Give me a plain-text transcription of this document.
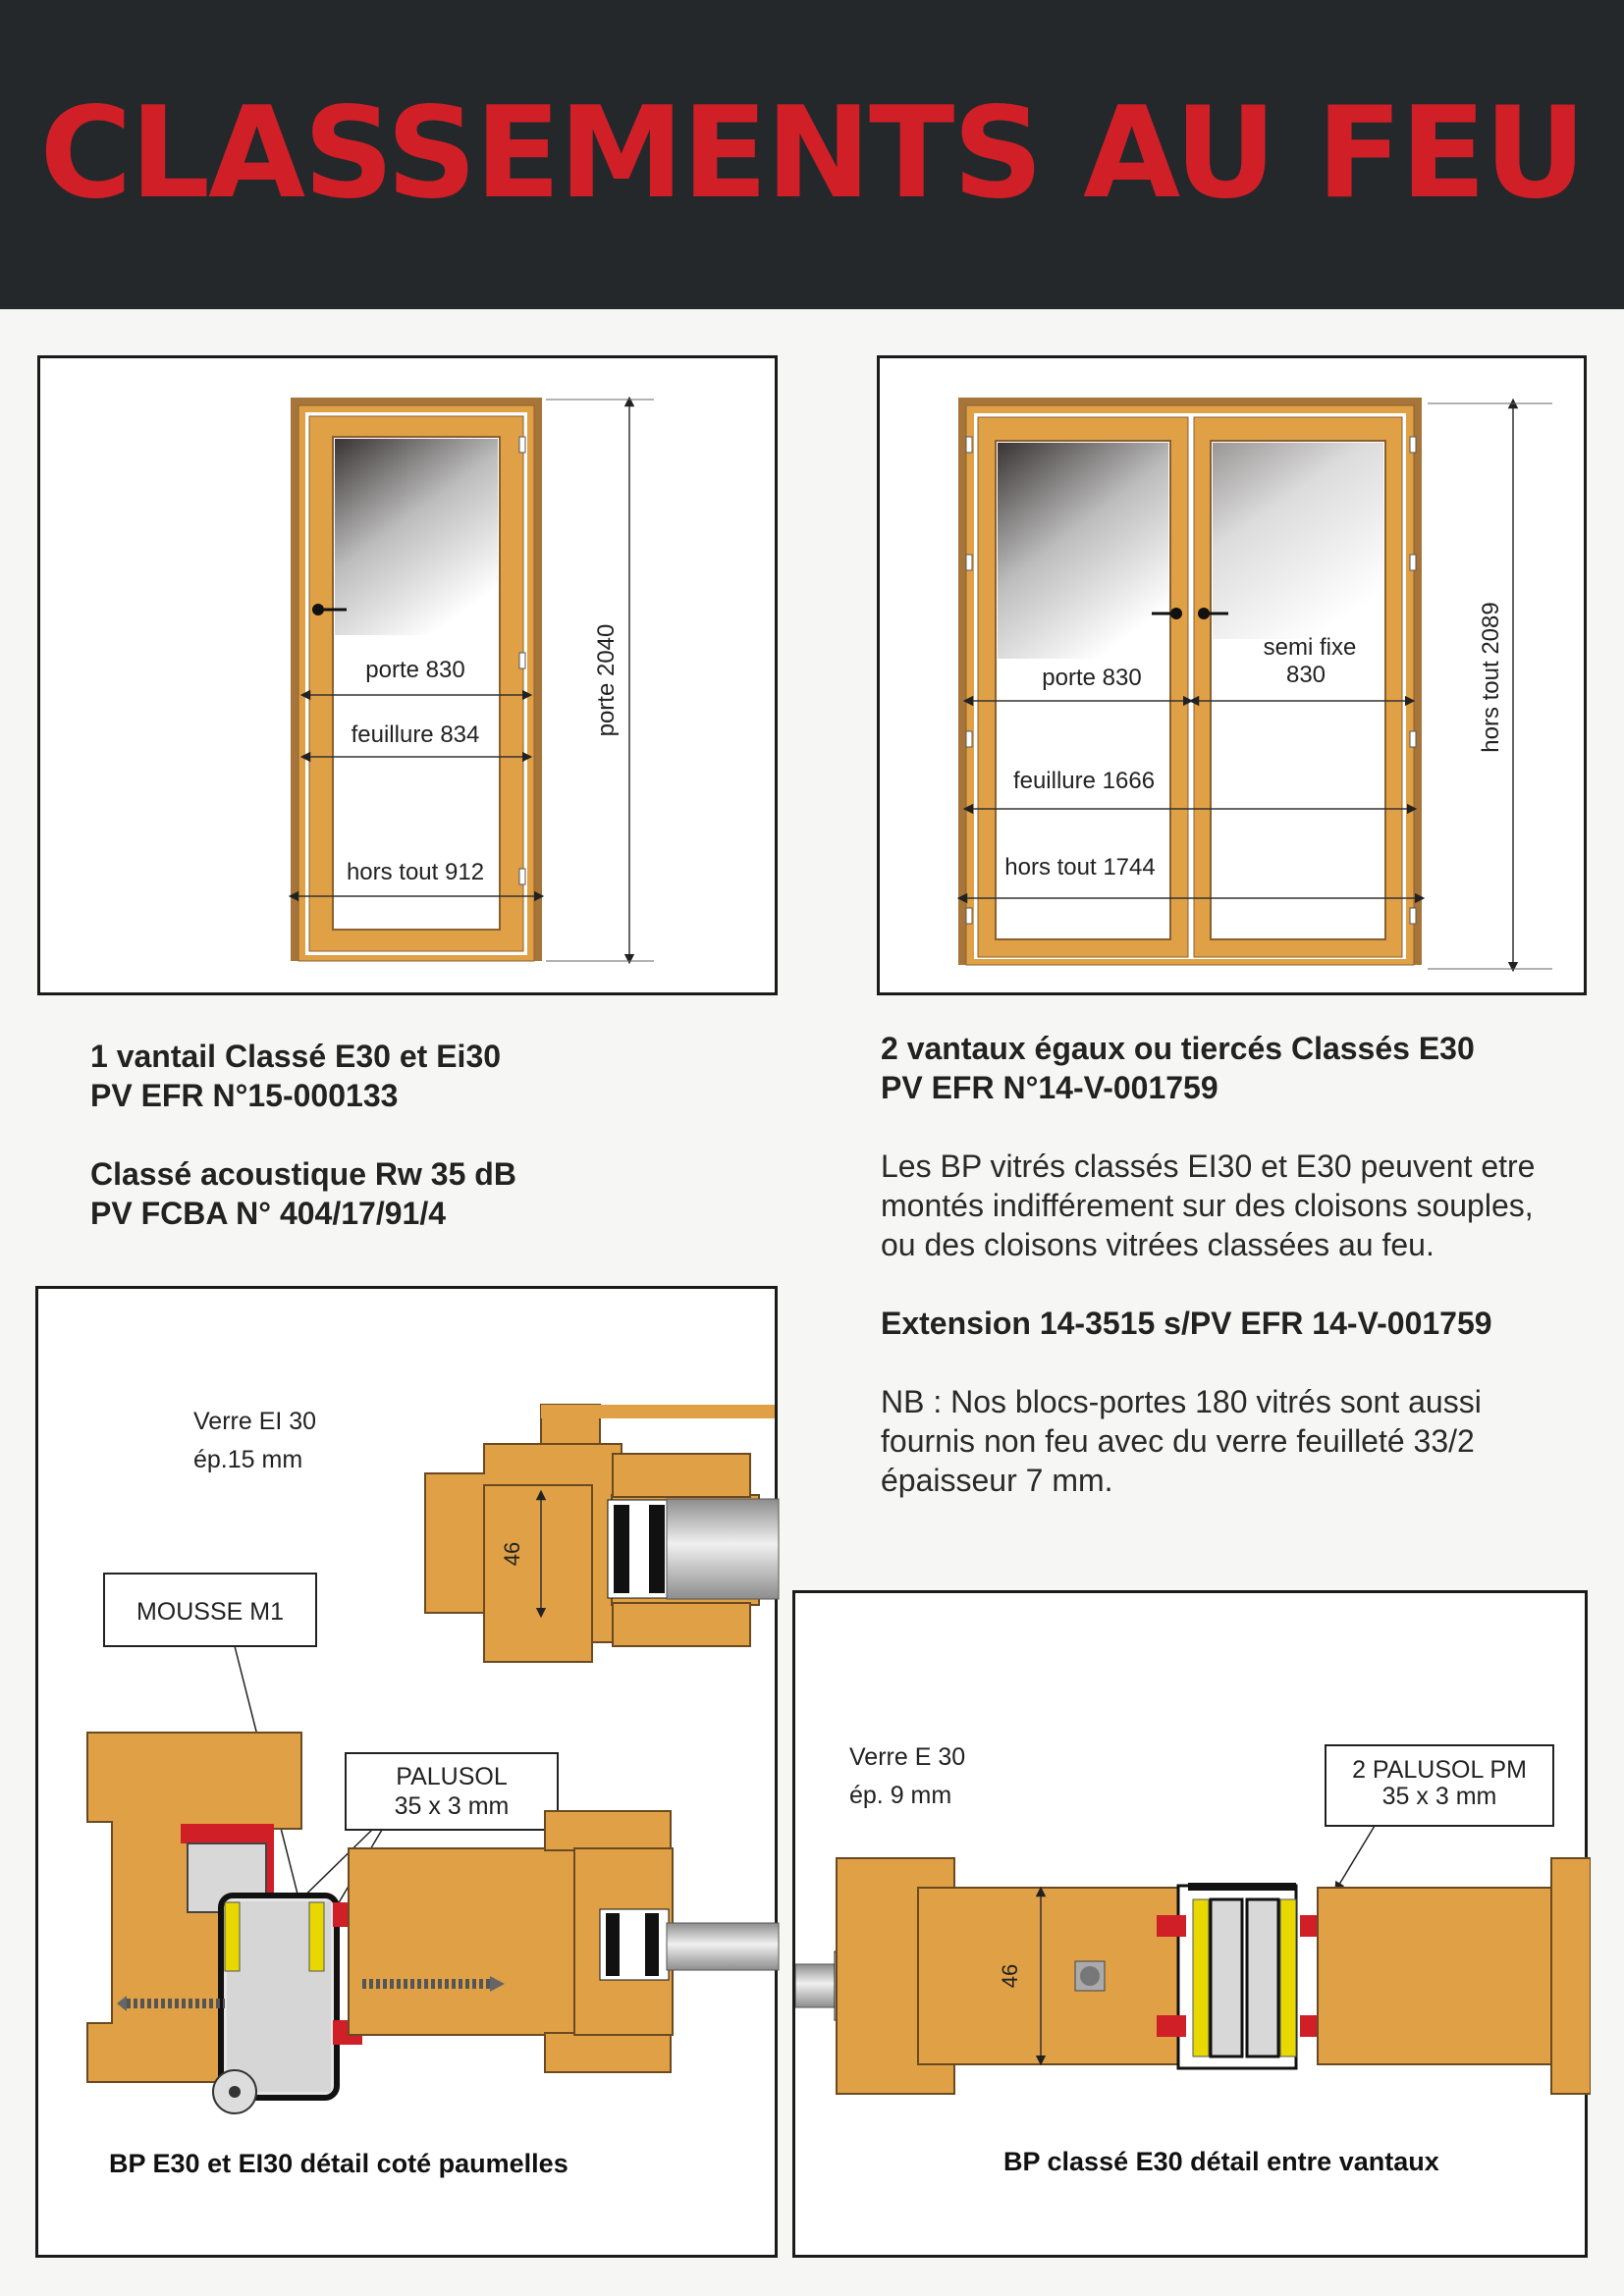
CLASSEMENTS AU FEU
porte 830
feuillure 834
hors tout 912
porte 2040	porte 830
semi fixe
830
feuillure 1666
hors tout 1744
hors tout 2089
1 vantail Classé E30 et Ei30
PV EFR N°15-000133
Classé acoustique Rw 35 dB
PV FCBA N° 404/17/91/4
2 vantaux égaux ou tiercés Classés E30
PV EFR N°14-V-001759
Les BP vitrés classés EI30 et E30 peuvent etre
montés indifférement sur des cloisons souples,
ou des cloisons vitrées classées au feu.
Extension 14-3515 s/PV EFR 14-V-001759
NB : Nos blocs-portes 180 vitrés sont aussi
fournis non feu avec du verre feuilleté 33/2
épaisseur 7 mm.
46
Verre EI 30
ép.15 mm
MOUSSE M1
PALUSOL
35 x 3 mm
BP E30 et EI30 détail coté paumelles
Verre E 30
ép. 9 mm
2 PALUSOL PM
35 x 3 mm
46
BP classé E30 détail entre vantaux
